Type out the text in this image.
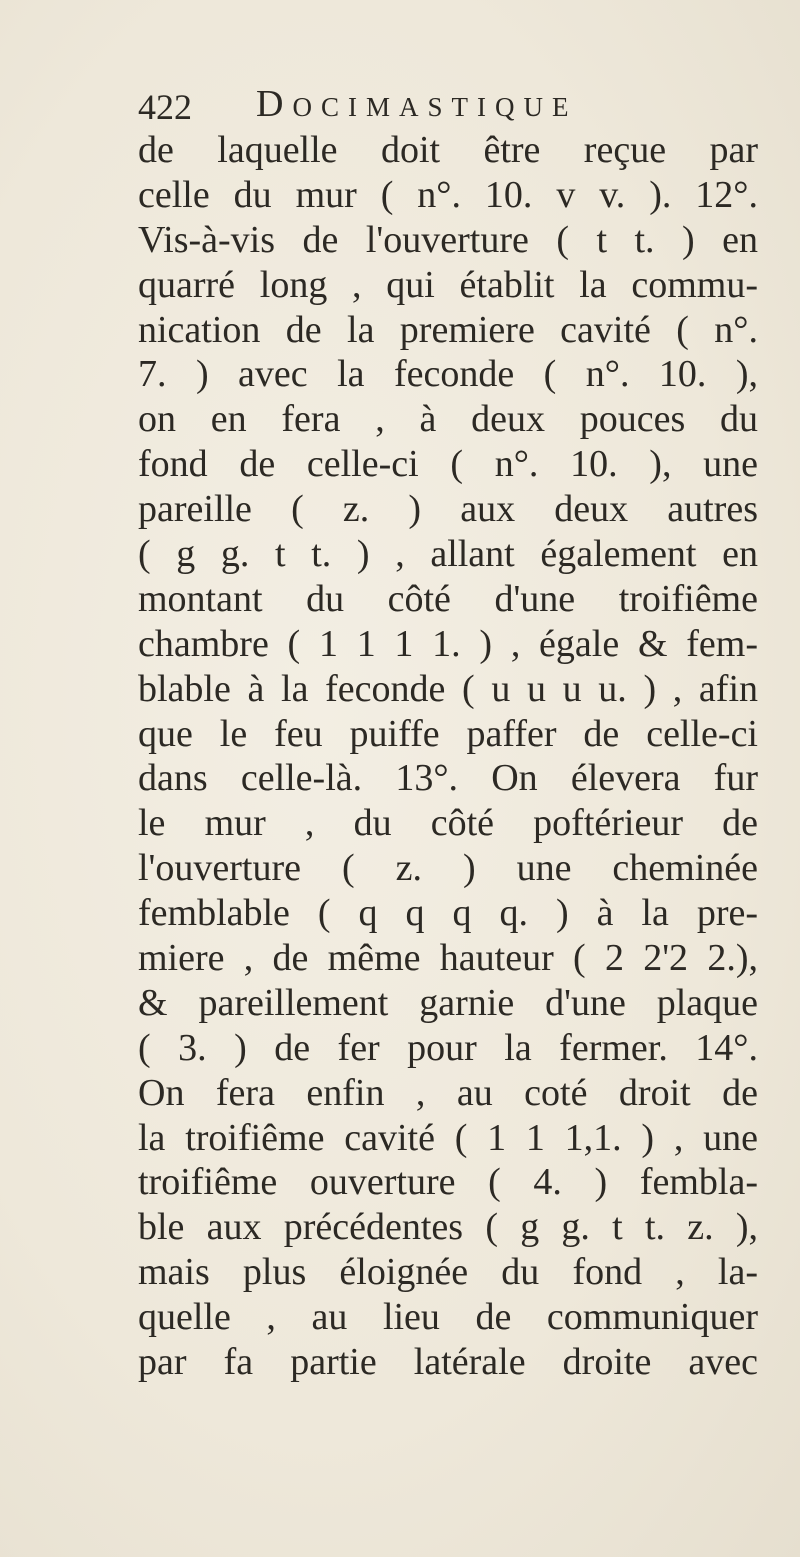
422 Docimastique
de laquelle doit être reçue par
celle du mur ( n°. 10. v v. ). 12°.
Vis-à-vis de l'ouverture ( t t. ) en
quarré long , qui établit la commu-
nication de la premiere cavité ( n°.
7. ) avec la feconde ( n°. 10. ),
on en fera , à deux pouces du
fond de celle-ci ( n°. 10. ), une
pareille ( z. ) aux deux autres
( g g. t t. ) , allant également en
montant du côté d'une troifiême
chambre ( 1 1 1 1. ) , égale & fem-
blable à la feconde ( u u u u. ) , afin
que le feu puiffe paffer de celle-ci
dans celle-là. 13°. On élevera fur
le mur , du côté poftérieur de
l'ouverture ( z. ) une cheminée
femblable ( q q q q. ) à la pre-
miere , de même hauteur ( 2 2'2 2.),
& pareillement garnie d'une plaque
( 3. ) de fer pour la fermer. 14°.
On fera enfin , au coté droit de
la troifiême cavité ( 1 1 1,1. ) , une
troifiême ouverture ( 4. ) fembla-
ble aux précédentes ( g g. t t. z. ),
mais plus éloignée du fond , la-
quelle , au lieu de communiquer
par fa partie latérale droite avec
